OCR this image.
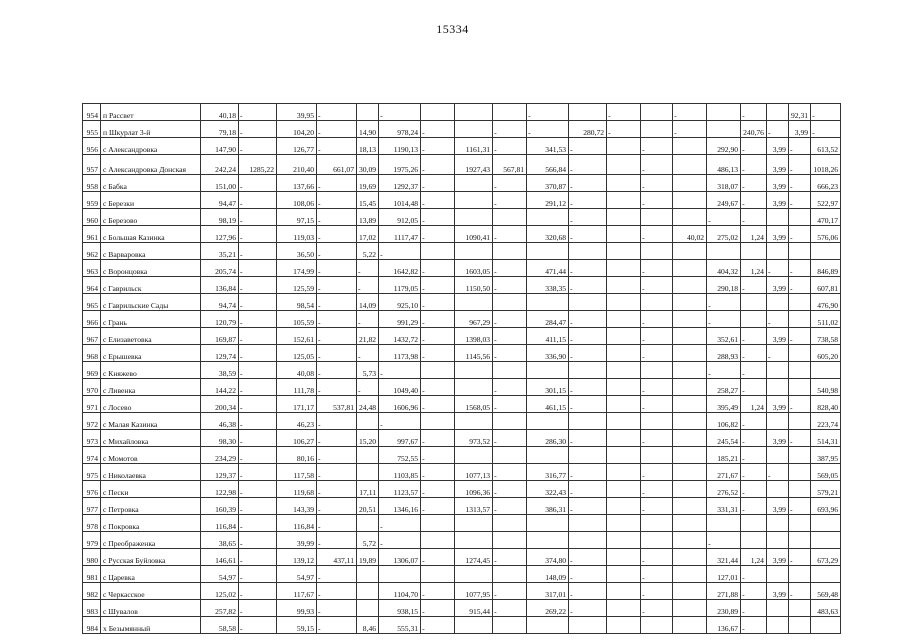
15334
954	п Рассвет	40,18	-	39,95	-		-				-		-		-		-		92,31	-
955	п Шкурлат 3-й	79,18	-	104,20	-	14,90	978,24	-		-	-	280,72	-		-		240,76	-	3,99	-
956	с Александровка	147,90	-	126,77	-	18,13	1190,13	-	1161,31	-	341,53	-		-		292,90	-	3,99	-	613,52
957	с Александровка Донская	242,24	1285,22	210,40	661,07	30,09	1975,26	-	1927,43	567,81	566,84	-		-		486,13	-	3,99	-	1018,26
958	с Бабка	151,00	-	137,66	-	19,69	1292,37	-		-	370,87	-		-		318,07	-	3,99	-	666,23
959	с Березки	94,47	-	108,06	-	15,45	1014,48	-		-	291,12	-		-		249,67	-	3,99	-	522,97
960	с Березово	98,19	-	97,15	-	13,89	912,05	-				-				-	-			470,17
961	с Большая Казинка	127,96	-	119,03	-	17,02	1117,47	-	1090,41	-	320,68	-		-	40,02	275,02	1,24	3,99	-	576,06
962	с Варваровка	35,21	-	36,50	-	5,22	-													
963	с Воронцовка	205,74	-	174,99	-	-	1642,82	-	1603,05	-	471,44	-		-		404,32	1,24	-	-	846,89
964	с Гаврильск	136,84	-	125,59	-	-	1179,05	-	1150,50	-	338,35	-		-		290,18	-	3,99	-	607,81
965	с Гаврильские Сады	94,74	-	98,54	-	14,09	925,10	-								-				476,90
966	с Грань	120,79	-	105,59	-	-	991,29	-	967,29	-	284,47	-		-		-		-		511,02
967	с Елизаветовка	169,87	-	152,61	-	21,82	1432,72	-	1398,03	-	411,15	-		-		352,61	-	3,99	-	738,58
968	с Ерышевка	129,74	-	125,05	-	-	1173,98	-	1145,56	-	336,90	-		-		288,93	-	-		605,20
969	с Княжево	38,59	-	40,08	-	5,73	-									-	-			
970	с Ливенка	144,22	-	111,78	-	-	1049,40	-		-	301,15	-		-		258,27	-			540,98
971	с Лосево	200,34	-	171,17	537,81	24,48	1606,96	-	1568,05	-	461,15	-		-		395,49	1,24	3,99	-	828,40
972	с Малая Казинка	46,38	-	46,23	-		-									106,82	-			223,74
973	с Михайловка	98,30	-	106,27	-	15,20	997,67	-	973,52	-	286,30	-		-		245,54	-	3,99	-	514,31
974	с Момотов	234,29	-	80,16	-		752,55	-								185,21	-			387,95
975	с Николаевка	129,37	-	117,58	-		1103,85	-	1077,13	-	316,77	-		-		271,67	-	-		569,05
976	с Пески	122,98	-	119,68	-	17,11	1123,57	-	1096,36	-	322,43	-		-		276,52	-			579,21
977	с Петровка	160,39	-	143,39	-	20,51	1346,16	-	1313,57	-	386,31	-		-		331,31	-	3,99	-	693,96
978	с Покровка	116,84	-	116,84	-		-													
979	с Преображенка	38,65	-	39,99	-	5,72	-									-				
980	с Русская Буйловка	146,61	-	139,12	437,11	19,89	1306,07	-	1274,45	-	374,80	-		-		321,44	1,24	3,99	-	673,29
981	с Царевка	54,97	-	54,97	-						148,09	-		-		127,01	-			
982	с Черкасское	125,02	-	117,67	-		1104,70	-	1077,95	-	317,01	-		-		271,88	-	3,99	-	569,48
983	с Шувалов	257,82	-	99,93	-		938,15	-	915,44	-	269,22	-		-		230,89	-			483,63
984	х Безымянный	58,58	-	59,15	-	8,46	555,31	-								136,67	-			
